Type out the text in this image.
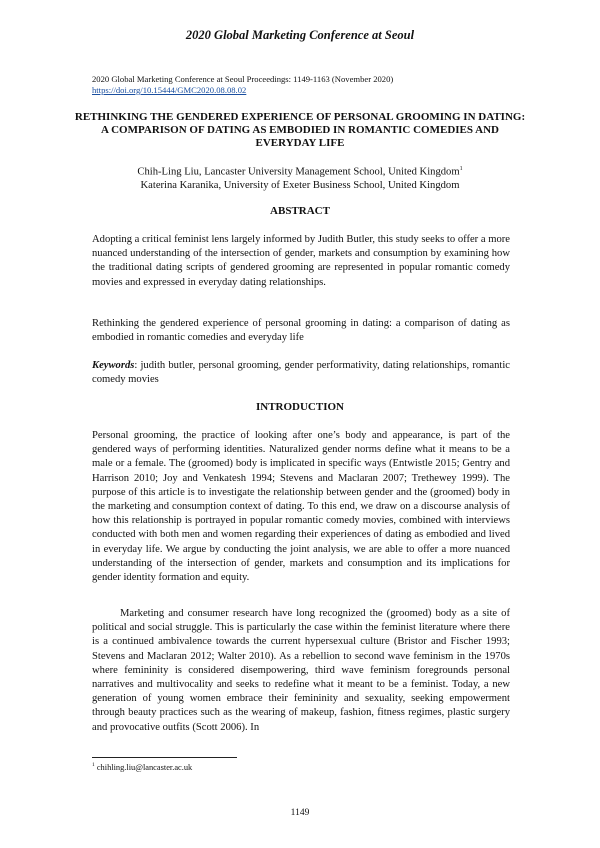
2020 Global Marketing Conference at Seoul
2020 Global Marketing Conference at Seoul Proceedings: 1149-1163 (November 2020)
https://doi.org/10.15444/GMC2020.08.08.02
RETHINKING THE GENDERED EXPERIENCE OF PERSONAL GROOMING IN DATING: A COMPARISON OF DATING AS EMBODIED IN ROMANTIC COMEDIES AND EVERYDAY LIFE
Chih-Ling Liu, Lancaster University Management School, United Kingdom$^1$
Katerina Karanika, University of Exeter Business School, United Kingdom
ABSTRACT
Adopting a critical feminist lens largely informed by Judith Butler, this study seeks to offer a more nuanced understanding of the intersection of gender, markets and consumption by examining how the traditional dating scripts of gendered grooming are represented in popular romantic comedy movies and expressed in everyday dating relationships.
Rethinking the gendered experience of personal grooming in dating: a comparison of dating as embodied in romantic comedies and everyday life
Keywords: judith butler, personal grooming, gender performativity, dating relationships, romantic comedy movies
INTRODUCTION
Personal grooming, the practice of looking after one’s body and appearance, is part of the gendered ways of performing identities. Naturalized gender norms define what it means to be a male or a female. The (groomed) body is implicated in specific ways (Entwistle 2015; Gentry and Harrison 2010; Joy and Venkatesh 1994; Stevens and Maclaran 2007; Trethewey 1999). The purpose of this article is to investigate the relationship between gender and the (groomed) body in the marketing and consumption context of dating. To this end, we draw on a discourse analysis of how this relationship is portrayed in popular romantic comedy movies, combined with interviews conducted with both men and women regarding their experiences of dating as embodied and lived in everyday life. We argue by conducting the joint analysis, we are able to offer a more nuanced understanding of the intersection of gender, markets and consumption and its implications for gender identity formation and equity.
Marketing and consumer research have long recognized the (groomed) body as a site of political and social struggle. This is particularly the case within the feminist literature where there is a continued ambivalence towards the current hypersexual culture (Bristor and Fischer 1993; Stevens and Maclaran 2012; Walter 2010). As a rebellion to second wave feminism in the 1970s where femininity is considered disempowering, third wave feminism foregrounds personal narratives and multivocality and seeks to redefine what it meant to be a feminist. Today, a new generation of young women embrace their femininity and sexuality, seeking empowerment through beauty practices such as the wearing of makeup, fashion, fitness regimes, plastic surgery and provocative outfits (Scott 2006). In
$^1$ chihling.liu@lancaster.ac.uk
1149
